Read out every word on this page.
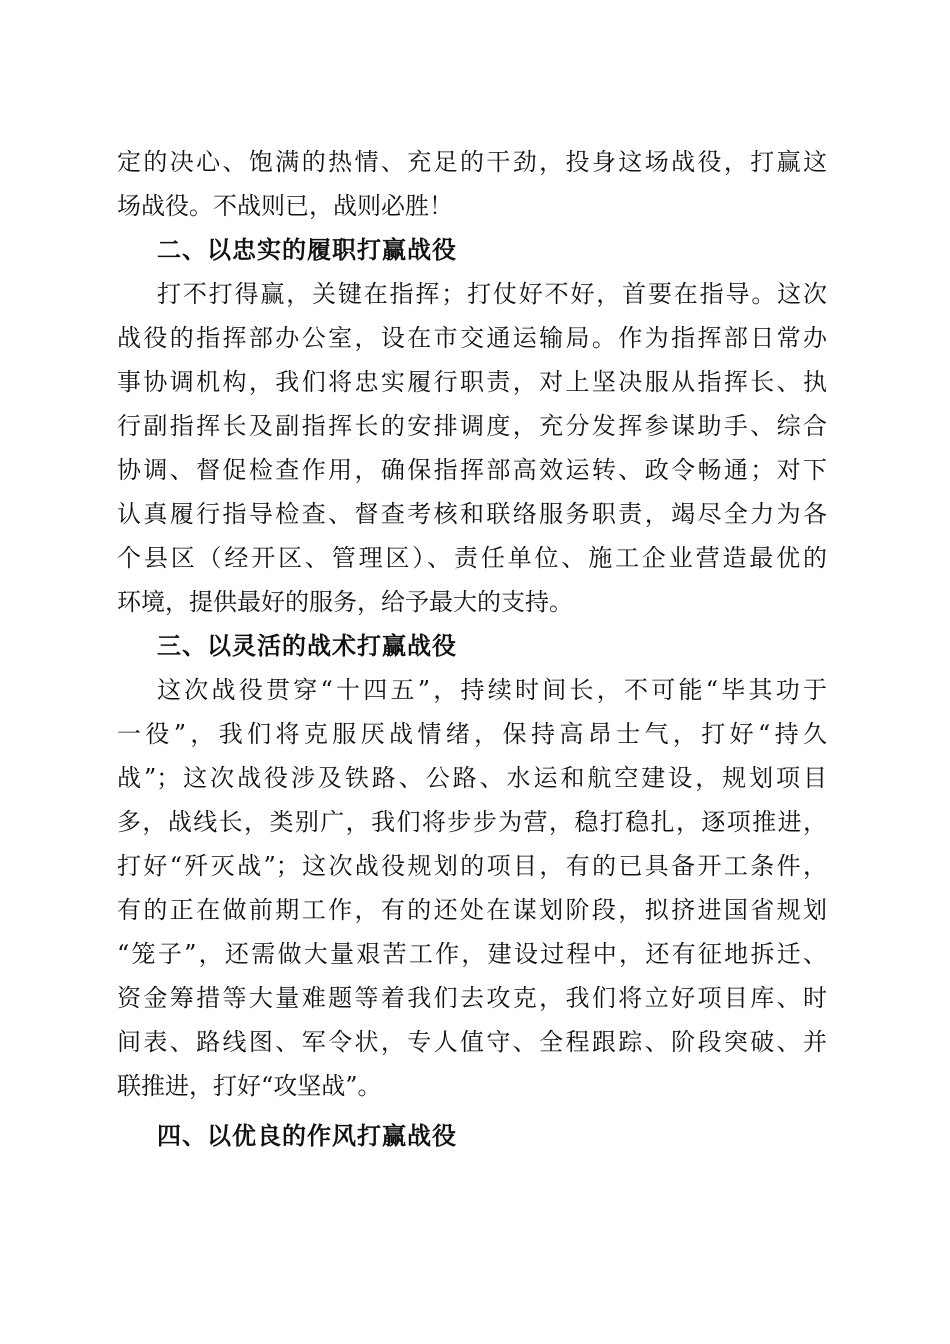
定的决心、饱满的热情、充足的干劲，投身这场战役，打赢这
场战役。不战则已，战则必胜！
二、以忠实的履职打赢战役
打不打得赢，关键在指挥；打仗好不好，首要在指导。这次
战役的指挥部办公室，设在市交通运输局。作为指挥部日常办
事协调机构，我们将忠实履行职责，对上坚决服从指挥长、执
行副指挥长及副指挥长的安排调度，充分发挥参谋助手、综合
协调、督促检查作用，确保指挥部高效运转、政令畅通；对下
认真履行指导检查、督查考核和联络服务职责，竭尽全力为各
个县区（经开区、管理区）、责任单位、施工企业营造最优的
环境，提供最好的服务，给予最大的支持。
三、以灵活的战术打赢战役
这次战役贯穿“十四五”，持续时间长，不可能“毕其功于
一役”，我们将克服厌战情绪，保持高昂士气，打好“持久
战”；这次战役涉及铁路、公路、水运和航空建设，规划项目
多，战线长，类别广，我们将步步为营，稳打稳扎，逐项推进，
打好“歼灭战”；这次战役规划的项目，有的已具备开工条件，
有的正在做前期工作，有的还处在谋划阶段，拟挤进国省规划
“笼子”，还需做大量艰苦工作，建设过程中，还有征地拆迁、
资金筹措等大量难题等着我们去攻克，我们将立好项目库、时
间表、路线图、军令状，专人值守、全程跟踪、阶段突破、并
联推进，打好“攻坚战”。
四、以优良的作风打赢战役
